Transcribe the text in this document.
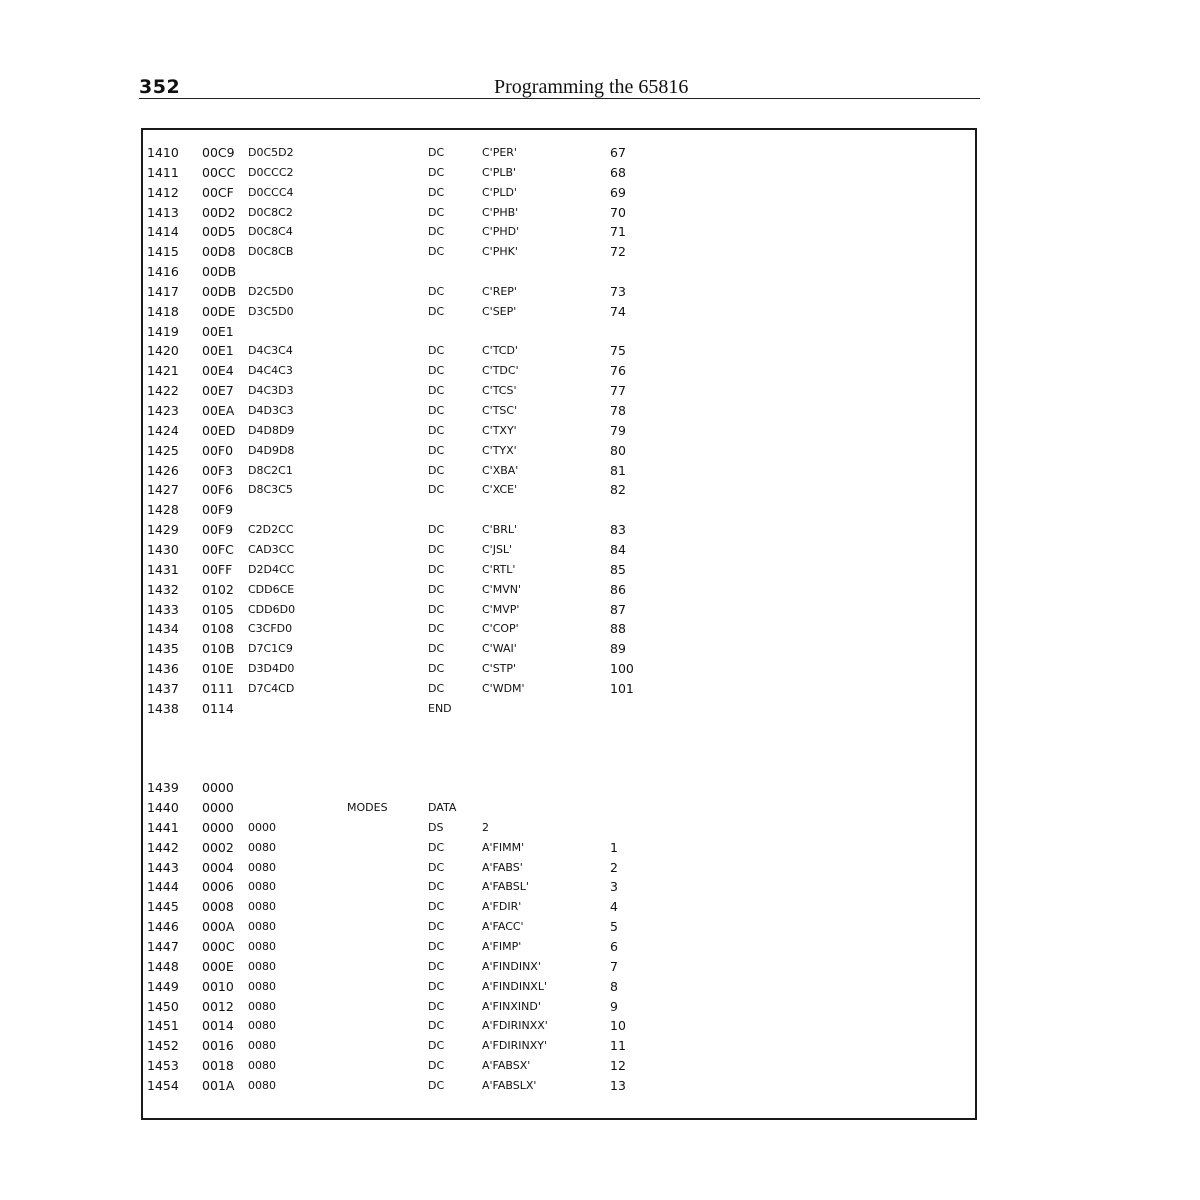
352	Programming the 65816
1410 00C9 D0C5D2	DC	C'PER'	67
1411 00CC D0CCC2	DC	C'PLB'	68
1412 00CF D0CCC4	DC	C'PLD'	69
1413 00D2 D0C8C2	DC	C'PHB'	70
1414 00D5 D0C8C4	DC	C'PHD'	71
1415 00D8 D0C8CB	DC	C'PHK'	72
1416 00DB
1417 00DB D2C5D0	DC	C'REP'	73
1418 00DE D3C5D0	DC	C'SEP'	74
1419 00E1
1420 00E1 D4C3C4	DC	C'TCD'	75
1421 00E4 D4C4C3	DC	C'TDC'	76
1422 00E7 D4C3D3	DC	C'TCS'	77
1423 00EA D4D3C3	DC	C'TSC'	78
1424 00ED D4D8D9	DC	C'TXY'	79
1425 00F0 D4D9D8	DC	C'TYX'	80
1426 00F3 D8C2C1	DC	C'XBA'	81
1427 00F6 D8C3C5	DC	C'XCE'	82
1428 00F9
1429 00F9 C2D2CC	DC	C'BRL'	83
1430 00FC CAD3CC	DC	C'JSL'	84
1431 00FF D2D4CC	DC	C'RTL'	85
1432 0102 CDD6CE	DC	C'MVN'	86
1433 0105 CDD6D0	DC	C'MVP'	87
1434 0108 C3CFD0	DC	C'COP'	88
1435 010B D7C1C9	DC	C'WAI'	89
1436 010E D3D4D0	DC	C'STP'	100
1437 0111 D7C4CD	DC	C'WDM'	101
1438 0114	END
1439 0000
1440 0000	MODES	DATA
1441 0000 0000	DS	2
1442 0002 0080	DC	A'FIMM'	1
1443 0004 0080	DC	A'FABS'	2
1444 0006 0080	DC	A'FABSL'	3
1445 0008 0080	DC	A'FDIR'	4
1446 000A 0080	DC	A'FACC'	5
1447 000C 0080	DC	A'FIMP'	6
1448 000E 0080	DC	A'FINDINX'	7
1449 0010 0080	DC	A'FINDINXL'	8
1450 0012 0080	DC	A'FINXIND'	9
1451 0014 0080	DC	A'FDIRINXX'	10
1452 0016 0080	DC	A'FDIRINXY'	11
1453 0018 0080	DC	A'FABSX'	12
1454 001A 0080	DC	A'FABSLX'	13
